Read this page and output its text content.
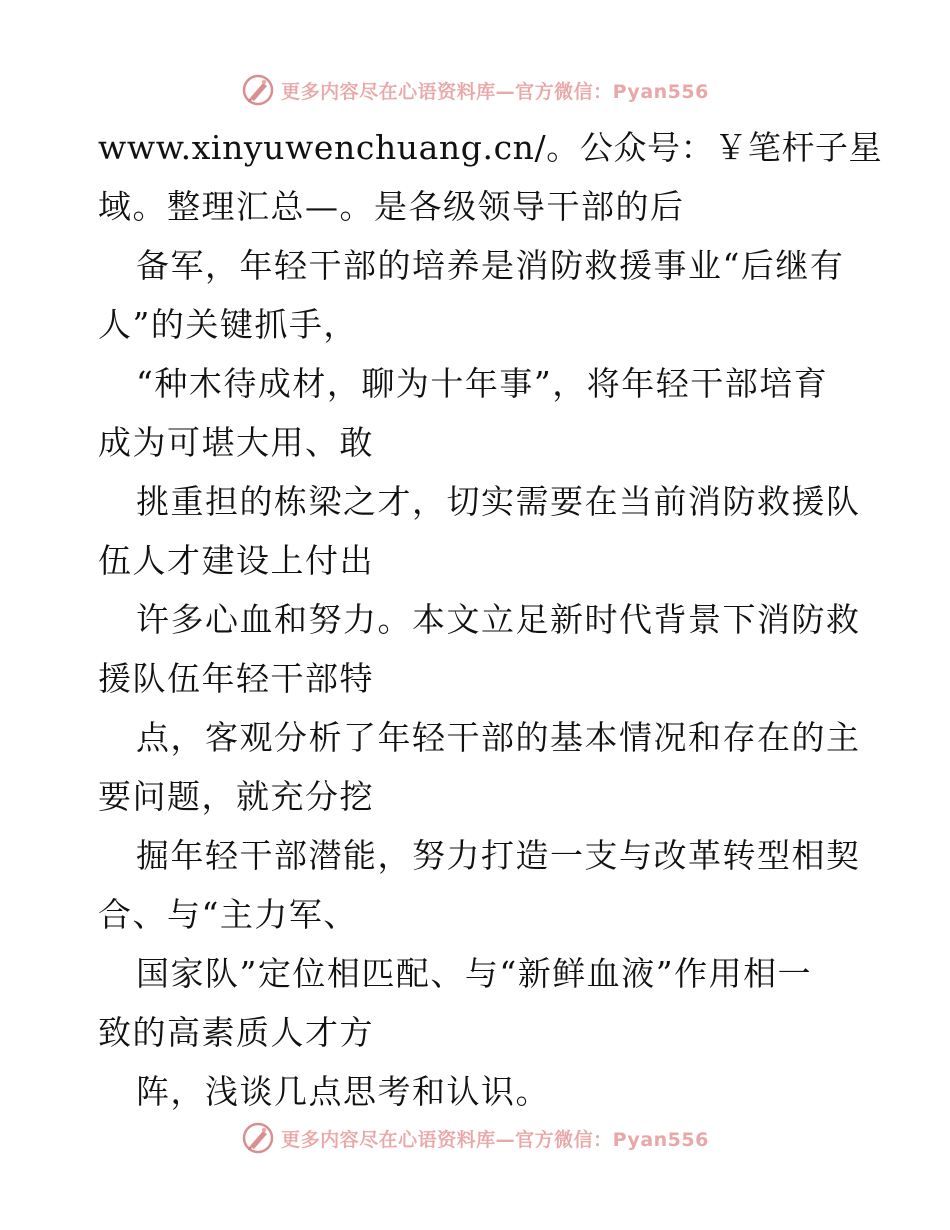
更多内容尽在心语资料库—官方微信：Pyan556
www.xinyuwenchuang.cn/。公众号：￥笔杆子星
域。整理汇总—。是各级领导干部的后
备军，年轻干部的培养是消防救援事业“后继有
人”的关键抓手，
“种木待成材，聊为十年事”，将年轻干部培育
成为可堪大用、敢
挑重担的栋梁之才，切实需要在当前消防救援队
伍人才建设上付出
许多心血和努力。本文立足新时代背景下消防救
援队伍年轻干部特
点，客观分析了年轻干部的基本情况和存在的主
要问题，就充分挖
掘年轻干部潜能，努力打造一支与改革转型相契
合、与“主力军、
国家队”定位相匹配、与“新鲜血液”作用相一
致的高素质人才方
阵，浅谈几点思考和认识。
更多内容尽在心语资料库—官方微信：Pyan556
